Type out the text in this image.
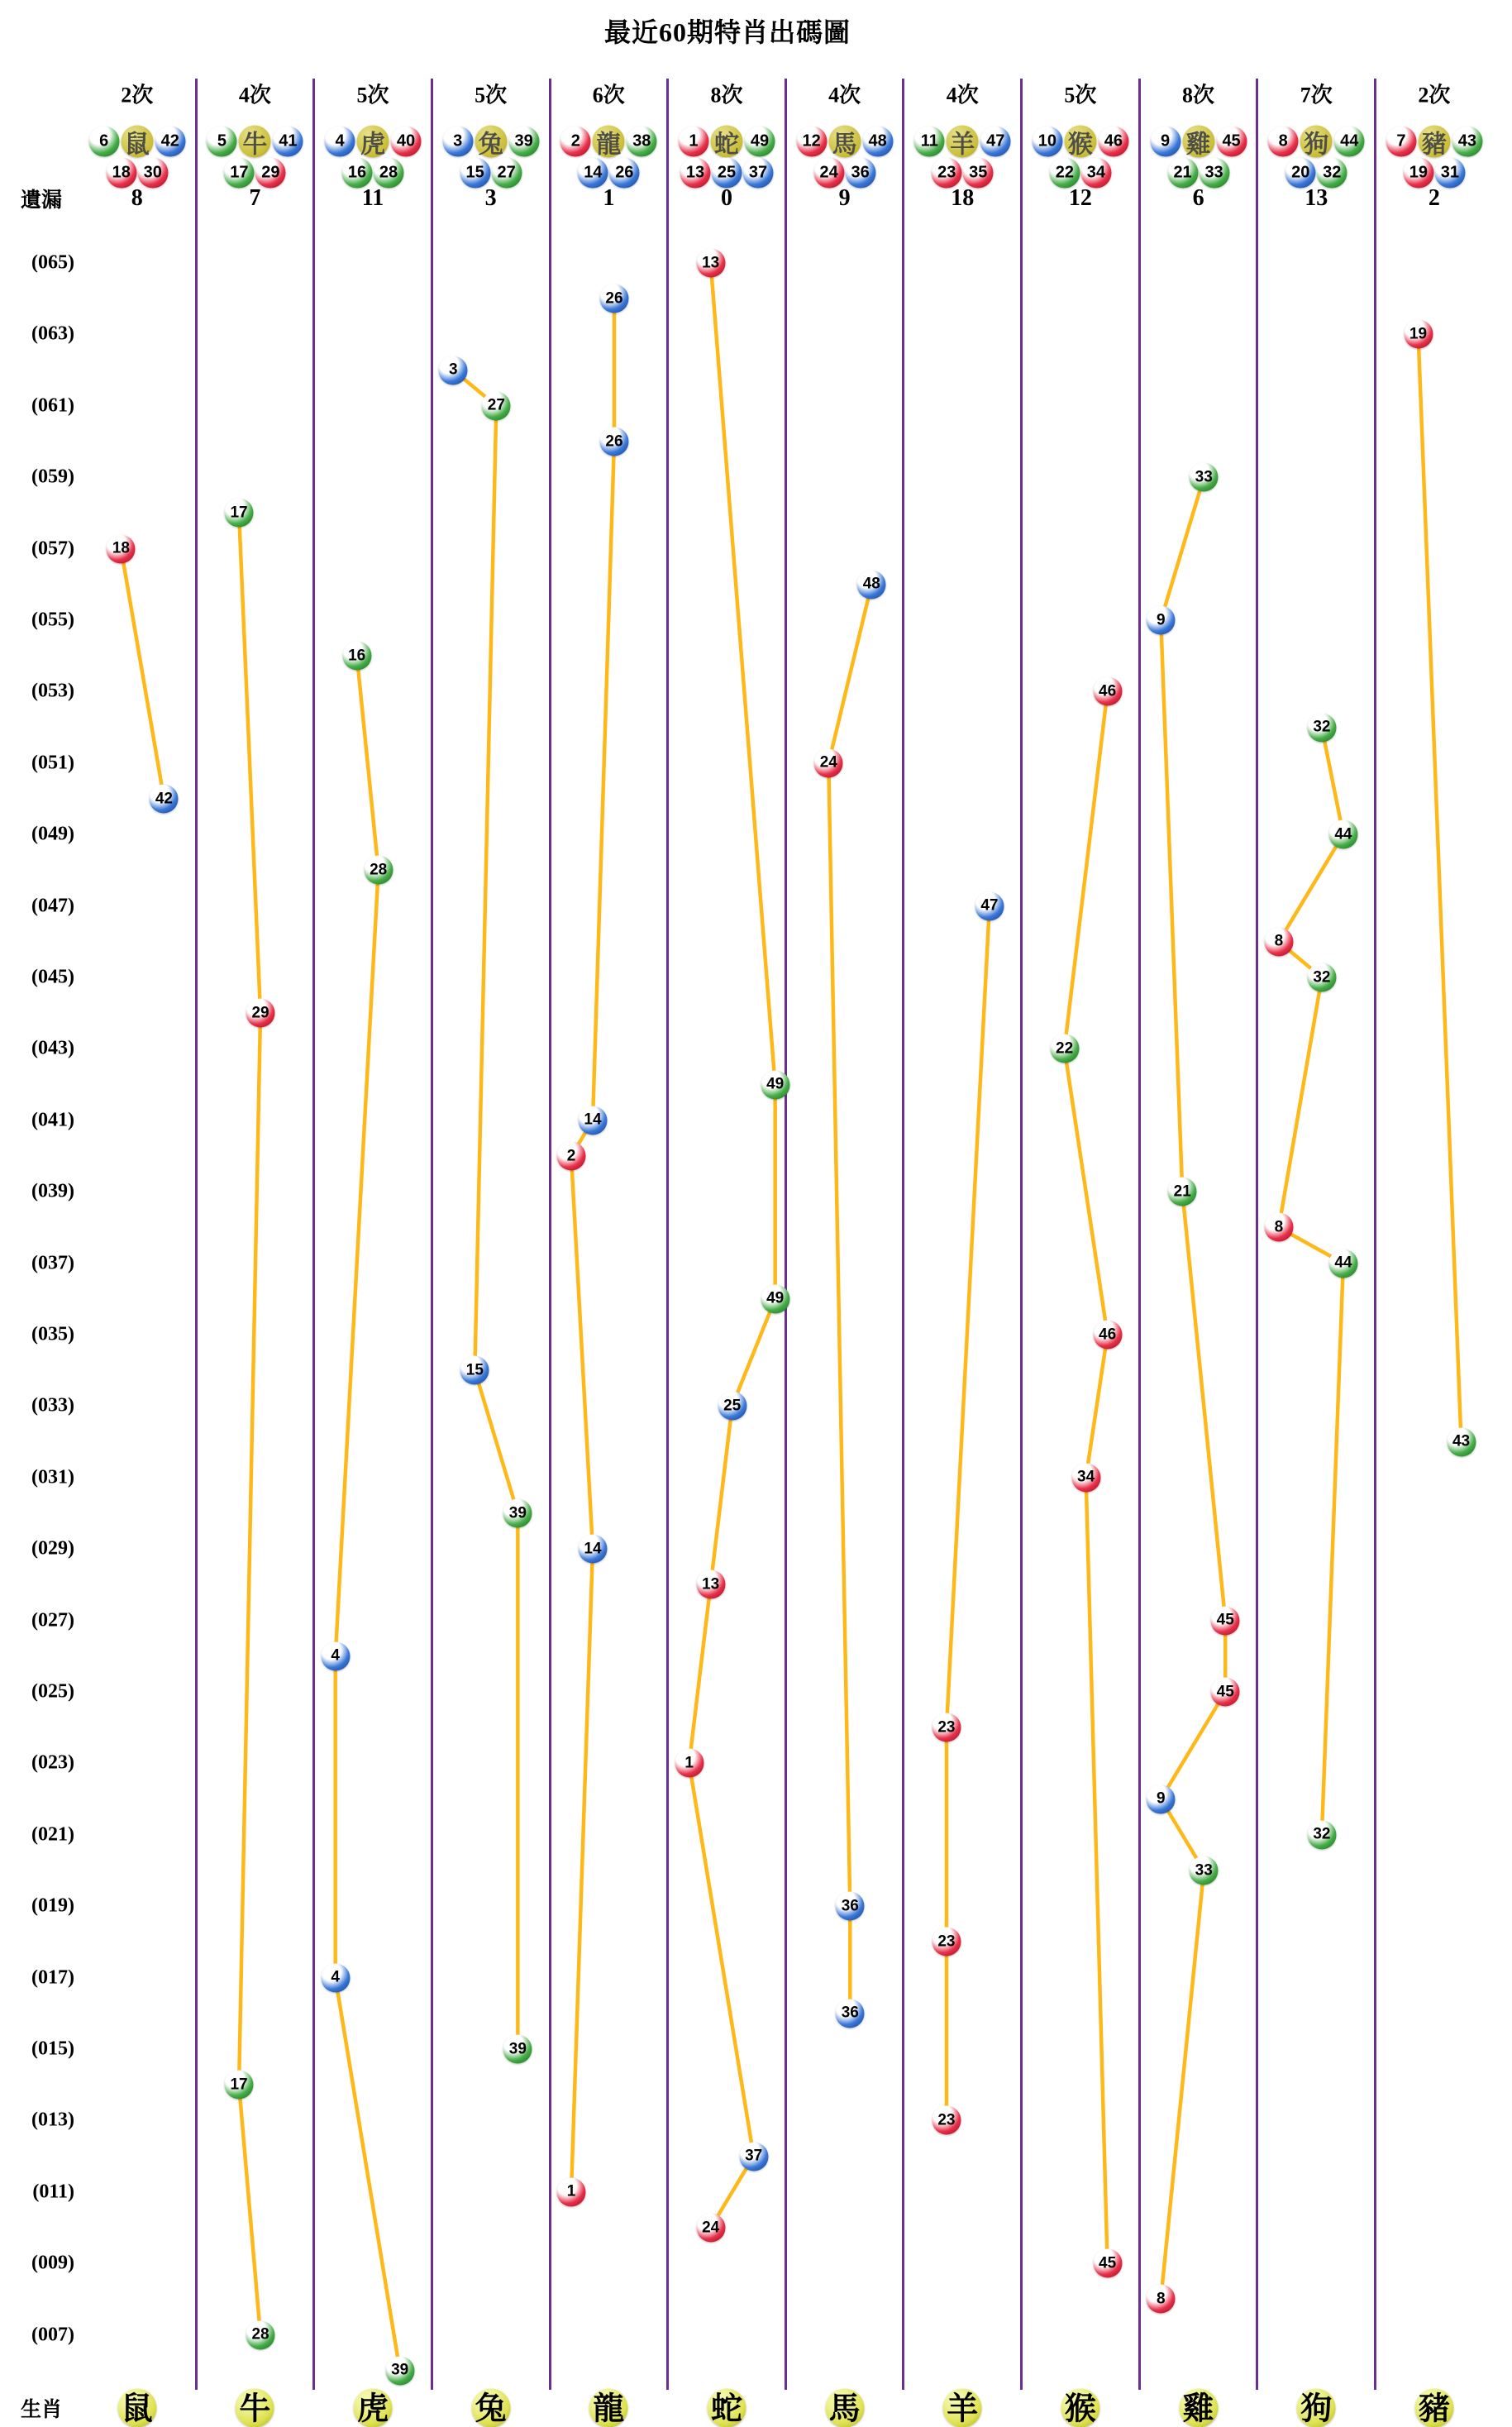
最近60期特肖出碼圖
遺漏
生肖
(065)
(063)
(061)
(059)
(057)
(055)
(053)
(051)
(049)
(047)
(045)
(043)
(041)
(039)
(037)
(035)
(033)
(031)
(029)
(027)
(025)
(023)
(021)
(019)
(017)
(015)
(013)
(011)
(009)
(007)
2次
6 鼠 42
18 30
8
18
42
鼠
4次
5 牛 41
17 29
7
17
29
17
28
牛
5次
4 虎 40
16 28
11
16
28
4
4
39
虎
5次
3 兔 39
15 27
3
3
27
15
39
39
兔
6次
2 龍 38
14 26
1
26
26
14
2
14
1
龍
8次
1 蛇 49
13 25 37
0
13
49
49
25
13
1
37
24
蛇
4次
12 馬 48
24 36
9
48
24
36
36
馬
4次
11 羊 47
23 35
18
47
23
23
23
羊
5次
10 猴 46
22 34
12
46
22
46
34
45
猴
8次
9 雞 45
21 33
6
33
9
21
45
45
9
33
8
雞
7次
8 狗 44
20 32
13
32
44
8
32
8
44
32
狗
2次
7 豬 43
19 31
2
19
43
豬
